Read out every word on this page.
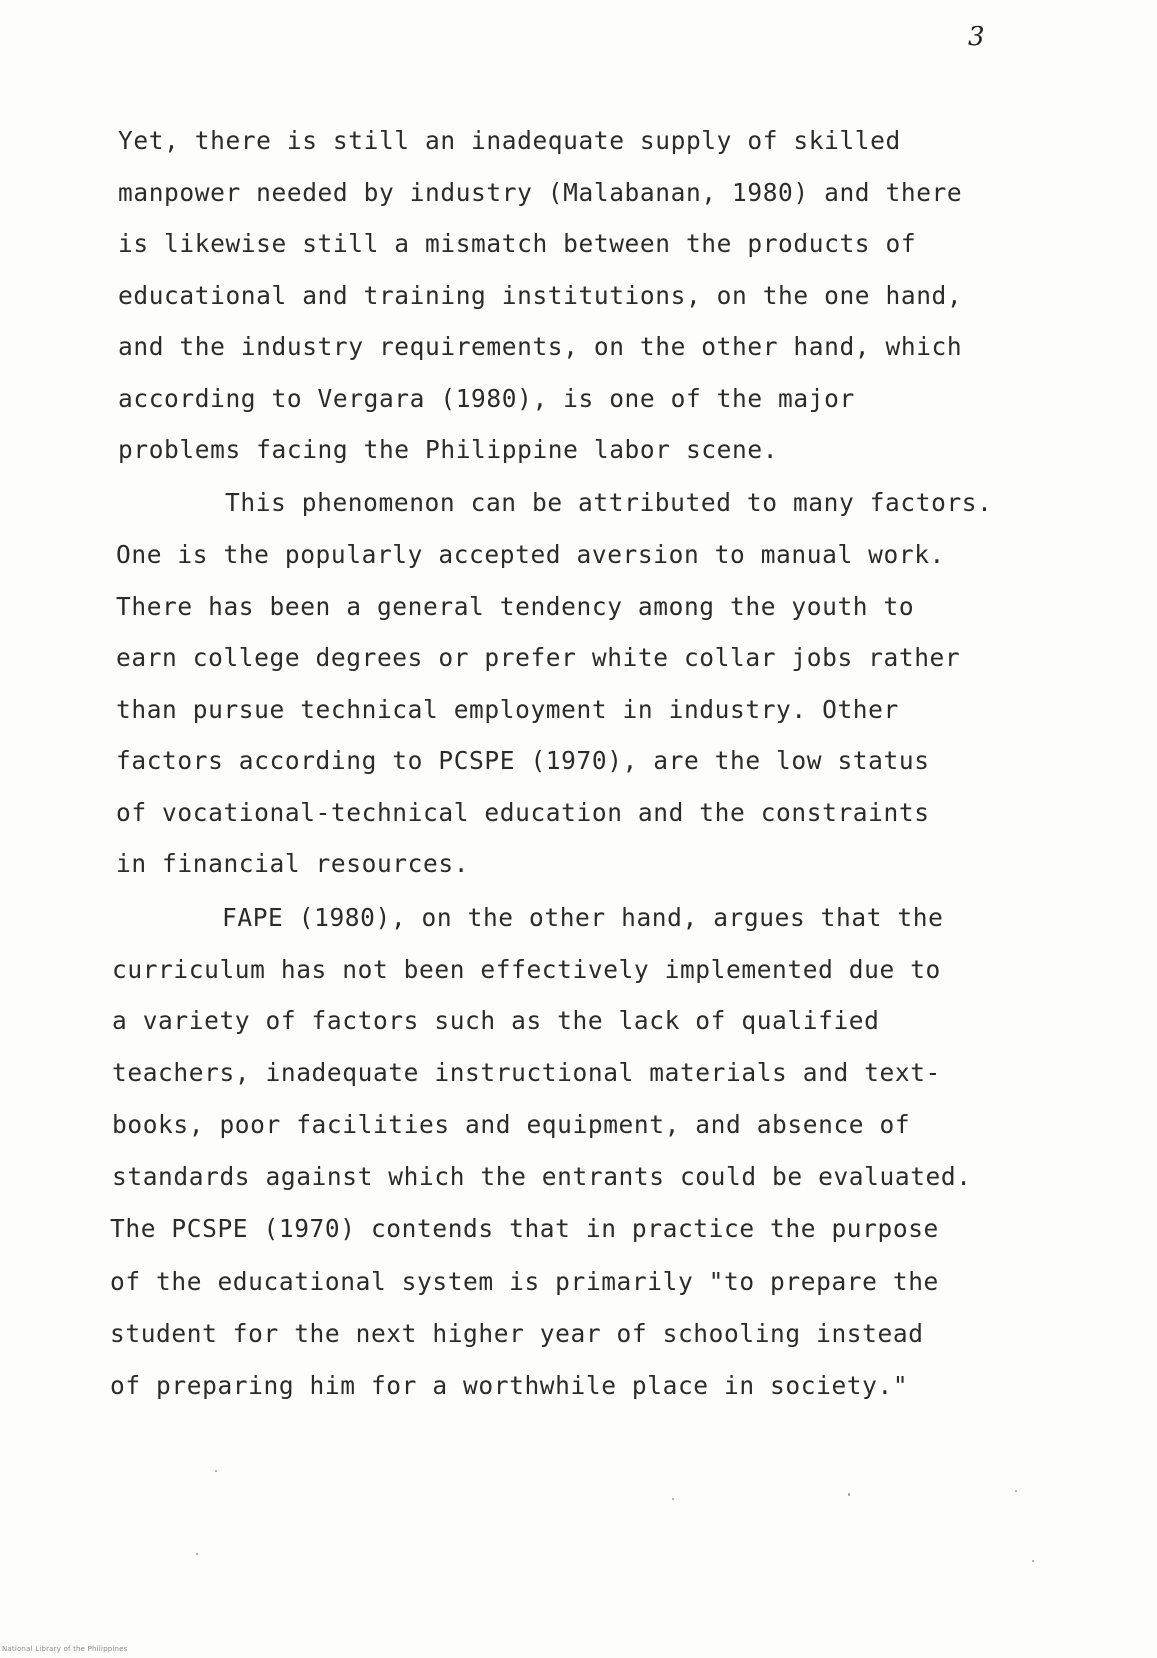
3
Yet, there is still an inadequate supply of skilled
manpower needed by industry (Malabanan, 1980) and there
is likewise still a mismatch between the products of
educational and training institutions, on the one hand,
and the industry requirements, on the other hand, which
according to Vergara (1980), is one of the major
problems facing the Philippine labor scene.
This phenomenon can be attributed to many factors.
One is the popularly accepted aversion to manual work.
There has been a general tendency among the youth to
earn college degrees or prefer white collar jobs rather
than pursue technical employment in industry. Other
factors according to PCSPE (1970), are the low status
of vocational-technical education and the constraints
in financial resources.
FAPE (1980), on the other hand, argues that the
curriculum has not been effectively implemented due to
a variety of factors such as the lack of qualified
teachers, inadequate instructional materials and text-
books, poor facilities and equipment, and absence of
standards against which the entrants could be evaluated.
The PCSPE (1970) contends that in practice the purpose
of the educational system is primarily "to prepare the
student for the next higher year of schooling instead
of preparing him for a worthwhile place in society."
National Library of the Philippines
